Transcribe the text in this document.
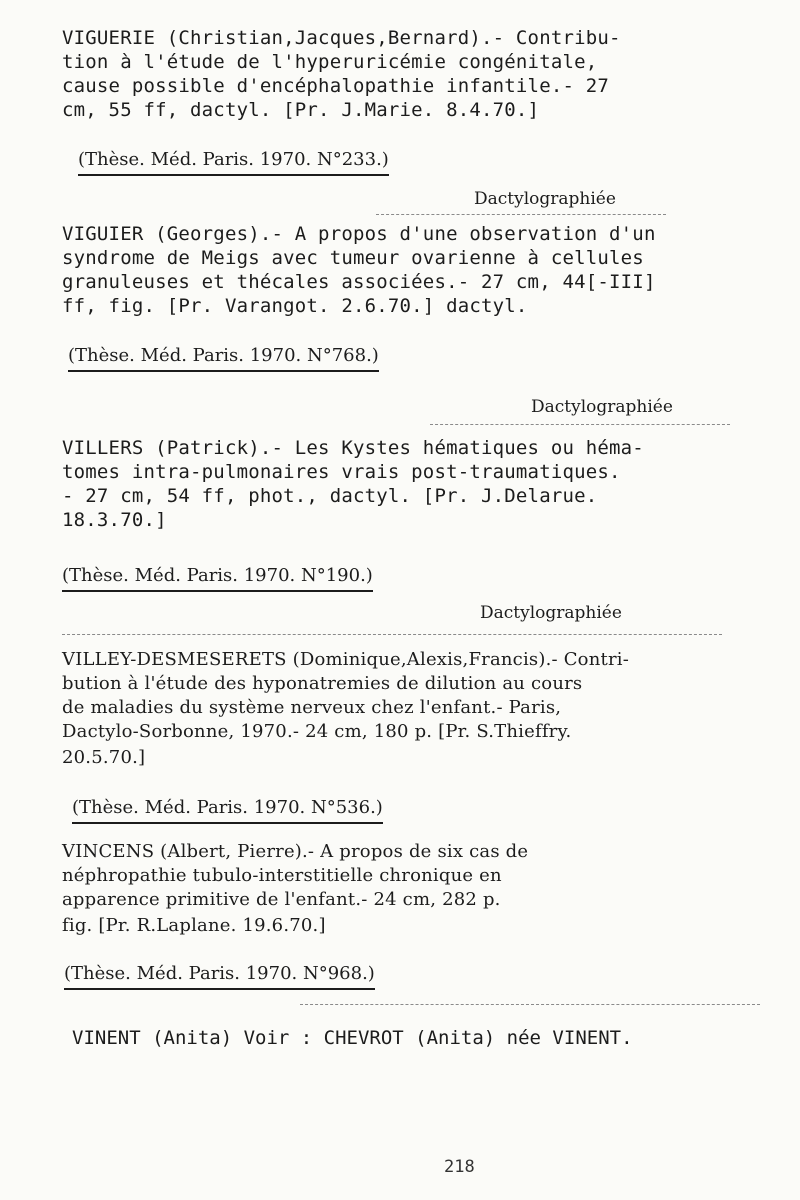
VIGUERIE (Christian,Jacques,Bernard).- Contribu-
tion à l'étude de l'hyperuricémie congénitale,
cause possible d'encéphalopathie infantile.- 27
cm, 55 ff, dactyl. [Pr. J.Marie. 8.4.70.]
(Thèse. Méd. Paris. 1970. N°233.)
Dactylographiée
VIGUIER (Georges).- A propos d'une observation d'un
syndrome de Meigs avec tumeur ovarienne à cellules
granuleuses et thécales associées.- 27 cm, 44[-III]
ff, fig. [Pr. Varangot. 2.6.70.] dactyl.
(Thèse. Méd. Paris. 1970. N°768.)
Dactylographiée
VILLERS (Patrick).- Les Kystes hématiques ou héma-
tomes intra-pulmonaires vrais post-traumatiques.
- 27 cm, 54 ff, phot., dactyl. [Pr. J.Delarue.
18.3.70.]
(Thèse. Méd. Paris. 1970. N°190.)
Dactylographiée
VILLEY-DESMESERETS (Dominique,Alexis,Francis).- Contri-
bution à l'étude des hyponatremies de dilution au cours
de maladies du système nerveux chez l'enfant.- Paris,
Dactylo-Sorbonne, 1970.- 24 cm, 180 p. [Pr. S.Thieffry.
20.5.70.]
(Thèse. Méd. Paris. 1970. N°536.)
VINCENS (Albert, Pierre).- A propos de six cas de
néphropathie tubulo-interstitielle chronique en
apparence primitive de l'enfant.- 24 cm, 282 p.
fig. [Pr. R.Laplane. 19.6.70.]
(Thèse. Méd. Paris. 1970. N°968.)
VINENT (Anita) Voir : CHEVROT (Anita) née VINENT.
218
